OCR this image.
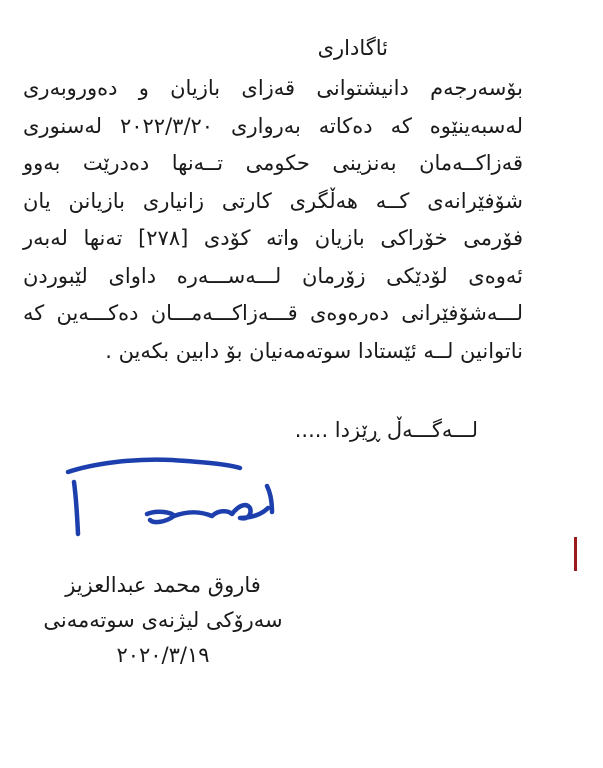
ئاگاداری
بۆسەرجەم دانیشتوانی قەزای بازیان و دەوروبەری
لەسبەینێوە کە دەکاتە بەرواری ٢٠٢٢/٣/٢٠ لەسنوری
قەزاکــەمان بەنزینی حکومی تــەنها دەدرێت بەوو
شۆفێرانەی کــە هەڵگری کارتی زانیاری بازیانن یان
فۆرمی خۆراکی بازیان واتە کۆدی [٢٧٨] تەنها لەبەر
ئەوەی لۆدێکی زۆرمان لـــەســـەرە داوای لێبوردن
لـــەشۆفێرانی دەرەوەی قـــەزاکـــەمـــان دەکـــەین کە
ناتوانین لــە ئێستادا سوتەمەنیان بۆ دابین بکەین .
لـــەگـــەڵ ڕێزدا .....
فاروق محمد عبدالعزیز
سەرۆکی لیژنەی سوتەمەنی
٢٠٢٠/٣/١٩
